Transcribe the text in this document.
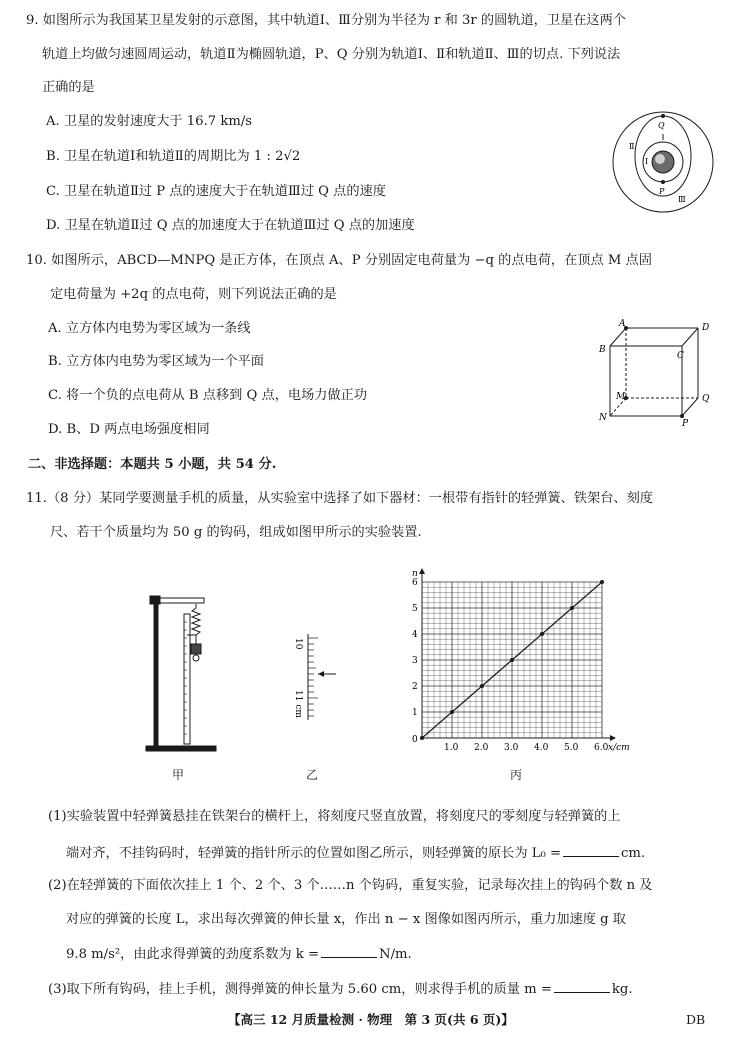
9. 如图所示为我国某卫星发射的示意图，其中轨道Ⅰ、Ⅲ分别为半径为 r 和 3r 的圆轨道，卫星在这两个
轨道上均做匀速圆周运动，轨道Ⅱ为椭圆轨道，P、Q 分别为轨道Ⅰ、Ⅱ和轨道Ⅱ、Ⅲ的切点. 下列说法
正确的是
A. 卫星的发射速度大于 16.7 km/s
B. 卫星在轨道Ⅰ和轨道Ⅱ的周期比为 1 : 2√2
C. 卫星在轨道Ⅱ过 P 点的速度大于在轨道Ⅲ过 Q 点的速度
D. 卫星在轨道Ⅱ过 Q 点的加速度大于在轨道Ⅲ过 Q 点的加速度
Q
P
Ⅱ
Ⅰ
Ⅲ
10. 如图所示，ABCD—MNPQ 是正方体，在顶点 A、P 分别固定电荷量为 −q 的点电荷，在顶点 M 点固
定电荷量为 +2q 的点电荷，则下列说法正确的是
A. 立方体内电势为零区域为一条线
B. 立方体内电势为零区域为一个平面
C. 将一个负的点电荷从 B 点移到 Q 点，电场力做正功
D. B、D 两点电场强度相同
A	D
B
C
M	Q
N
P
二、非选择题：本题共 5 小题，共 54 分.
11.（8 分）某同学要测量手机的质量，从实验室中选择了如下器材：一根带有指针的轻弹簧、铁架台、刻度
尺、若干个质量均为 50 g 的钩码，组成如图甲所示的实验装置.
甲
10
11 cm
乙
1.0 2.0 3.0 4.0 5.0 6.0
1
2
3
4
5
6
0
x/cm
n
丙
(1)实验装置中轻弹簧悬挂在铁架台的横杆上，将刻度尺竖直放置，将刻度尺的零刻度与轻弹簧的上
端对齐，不挂钩码时，轻弹簧的指针所示的位置如图乙所示，则轻弹簧的原长为 L₀ =	cm.
(2)在轻弹簧的下面依次挂上 1 个、2 个、3 个……n 个钩码，重复实验，记录每次挂上的钩码个数 n 及
对应的弹簧的长度 L，求出每次弹簧的伸长量 x，作出 n − x 图像如图丙所示，重力加速度 g 取
9.8 m/s²，由此求得弹簧的劲度系数为 k =	N/m.
(3)取下所有钩码，挂上手机，测得弹簧的伸长量为 5.60 cm，则求得手机的质量 m =	kg.
【高三 12 月质量检测 · 物理　第 3 页(共 6 页)】	DB
